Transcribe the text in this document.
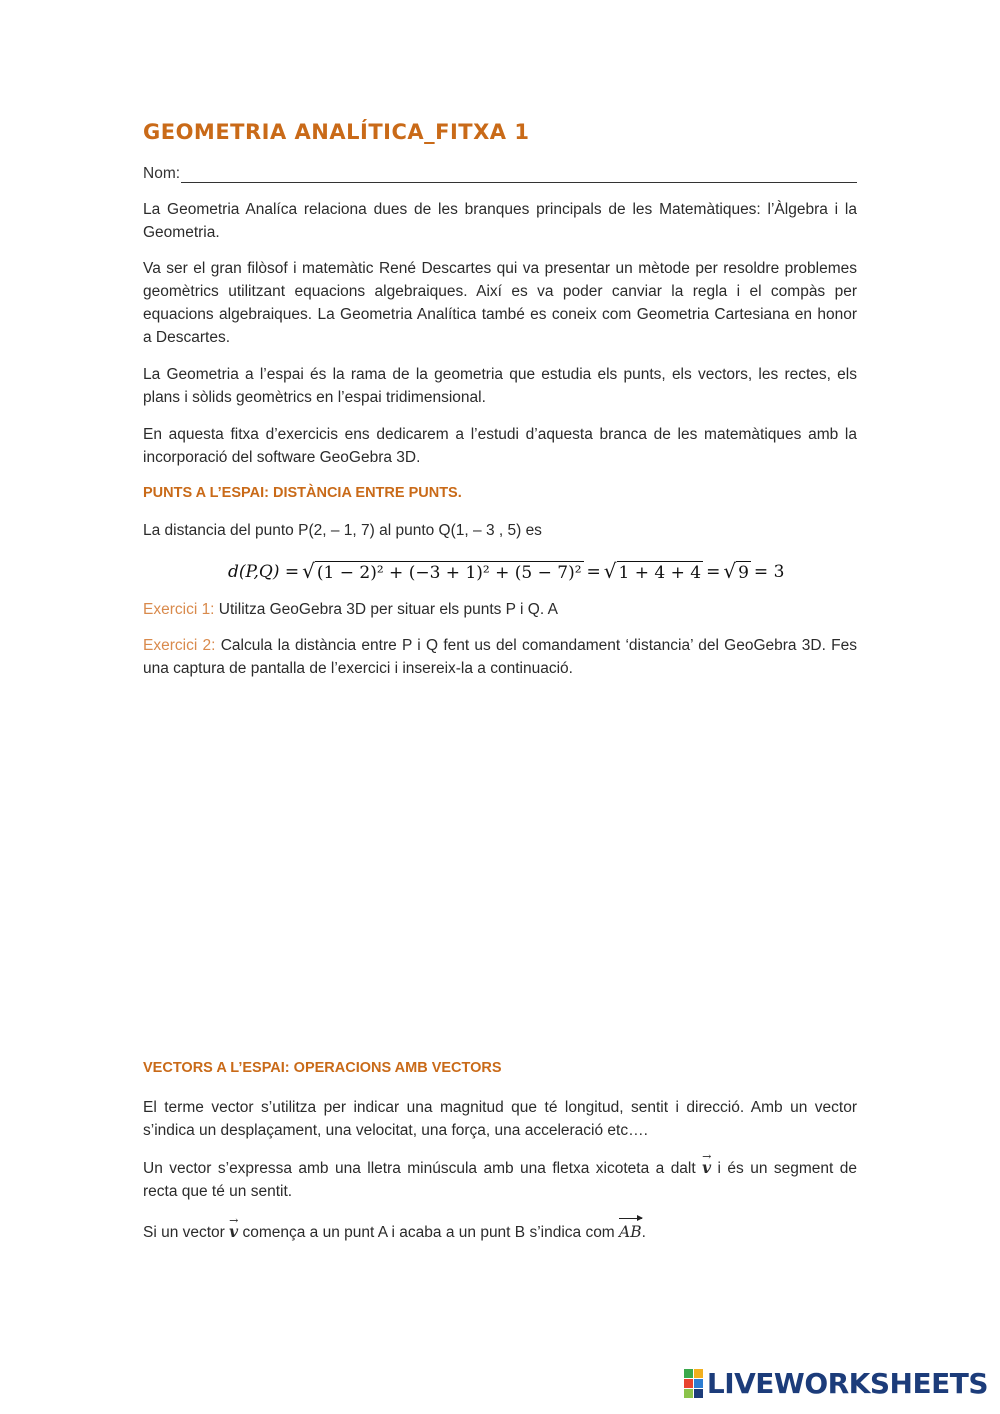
GEOMETRIA ANALÍTICA_FITXA 1
Nom:

La Geometria Analíca relaciona dues de les branques principals de les Matemàtiques: l’Àlgebra i la Geometria.

Va ser el gran filòsof i matemàtic René Descartes qui va presentar un mètode per resoldre problemes geomètrics utilitzant equacions algebraiques. Així es va poder canviar la regla i el compàs per equacions algebraiques. La Geometria Analítica també es coneix com Geometria Cartesiana en honor a Descartes.

La Geometria a l’espai és la rama de la geometria que estudia els punts, els vectors, les rectes, els plans i sòlids geomètrics en l’espai tridimensional.

En aquesta fitxa d’exercicis ens dedicarem a l’estudi d’aquesta branca de les matemàtiques amb la incorporació del software GeoGebra 3D.

PUNTS A L’ESPAI: DISTÀNCIA ENTRE PUNTS.

La distancia del punto P(2, – 1, 7) al punto Q(1, – 3 , 5) es

d(P,Q) = √ (1 − 2)² + (−3 + 1)² + (5 − 7)² = √ 1 + 4 + 4 = √ 9 = 3

Exercici 1: Utilitza GeoGebra 3D per situar els punts P i Q. A

Exercici 2: Calcula la distància entre P i Q fent us del comandament ‘distancia’ del GeoGebra 3D. Fes una captura de pantalla de l’exercici i insereix-la a continuació.

VECTORS A L’ESPAI: OPERACIONS AMB VECTORS

El terme vector s’utilitza per indicar una magnitud que té longitud, sentit i direcció. Amb un vector s’indica un desplaçament, una velocitat, una força, una acceleració etc….

Un vector s’expressa amb una lletra minúscula amb una fletxa xicoteta a dalt → v i és un segment de recta que té un sentit.

Si un vector → v comença a un punt A i acaba a un punt B s’indica com AB.

LIVEWORKSHEETS
